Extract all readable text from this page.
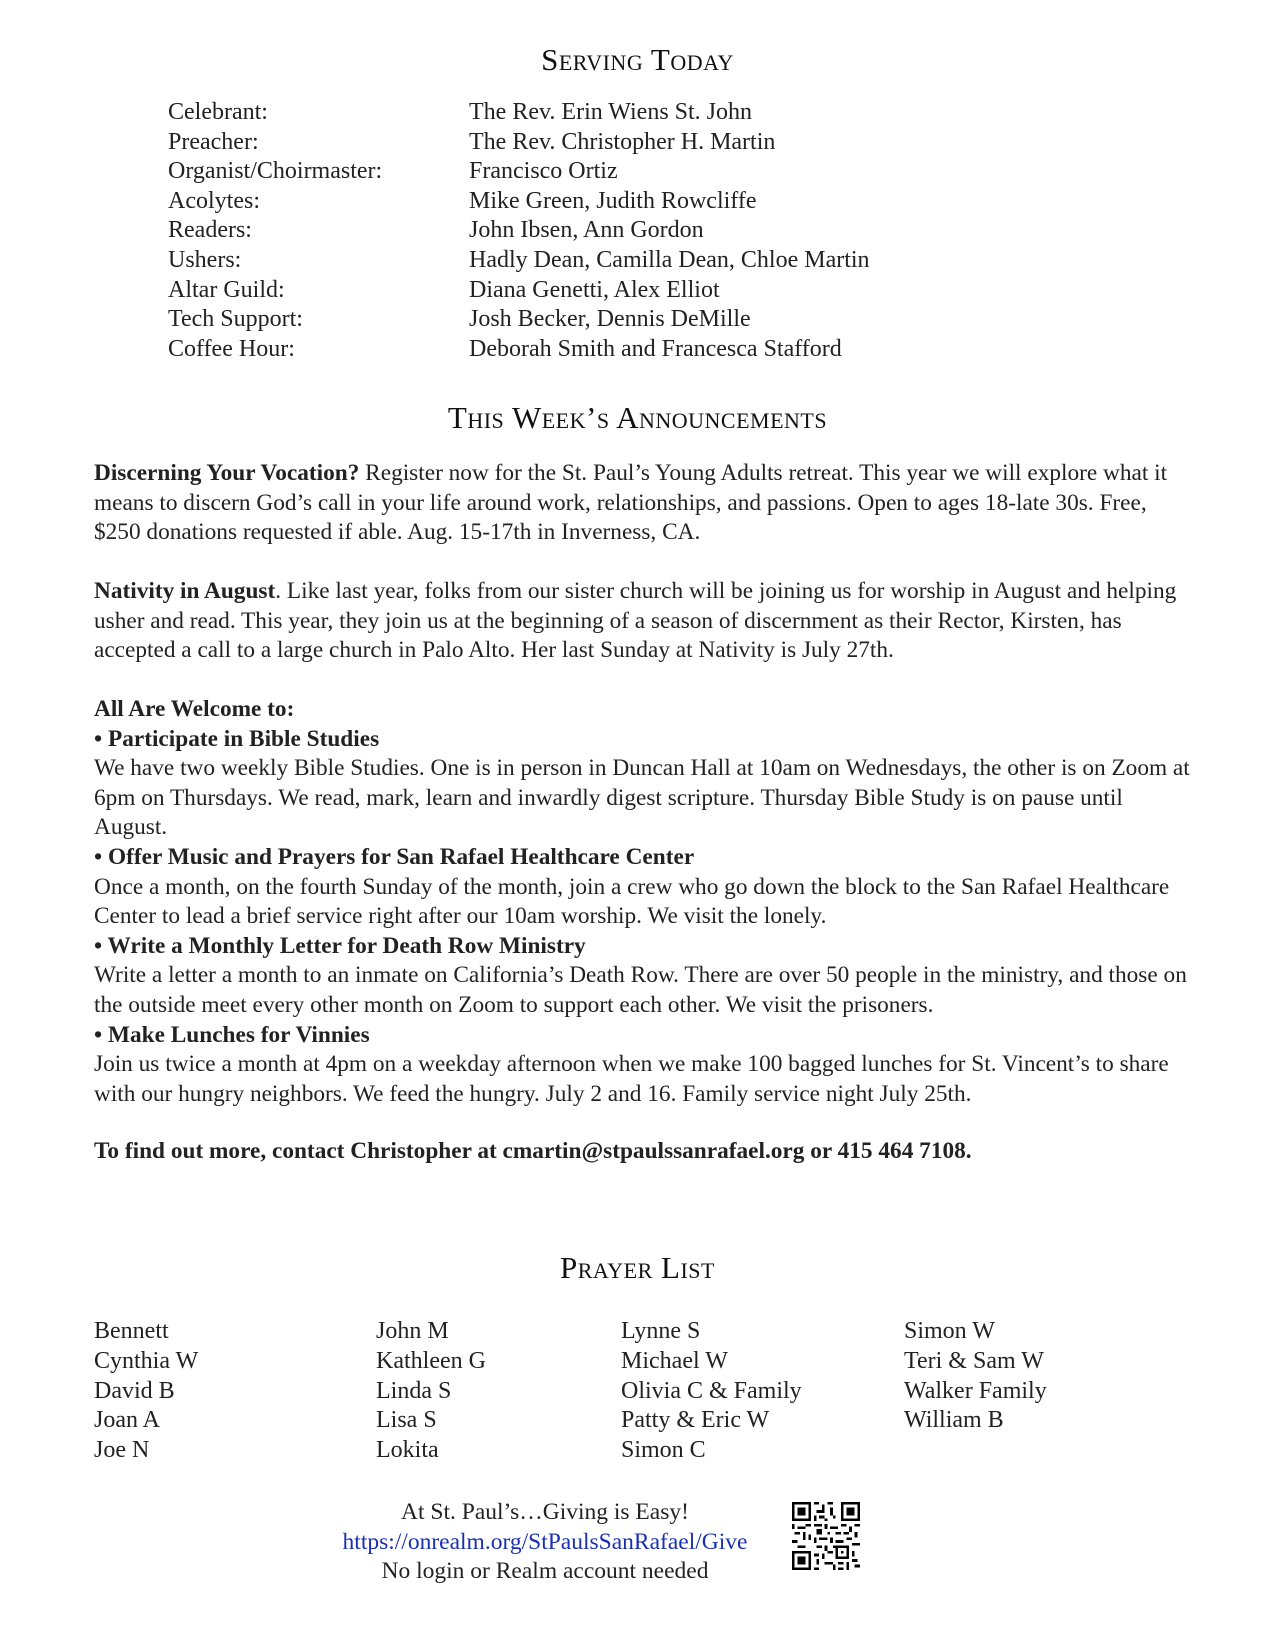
Serving Today
Celebrant:	The Rev. Erin Wiens St. John
Preacher:	The Rev. Christopher H. Martin
Organist/Choirmaster:	Francisco Ortiz
Acolytes:	Mike Green, Judith Rowcliffe
Readers:	John Ibsen, Ann Gordon
Ushers:	Hadly Dean, Camilla Dean, Chloe Martin
Altar Guild:	Diana Genetti, Alex Elliot
Tech Support:	Josh Becker, Dennis DeMille
Coffee Hour:	Deborah Smith and Francesca Stafford
This Week’s Announcements

Discerning Your Vocation? Register now for the St. Paul’s Young Adults retreat. This year we will explore what it means to discern God’s call in your life around work, relationships, and passions. Open to ages 18-late 30s. Free, $250 donations requested if able. Aug. 15-17th in Inverness, CA.

Nativity in August. Like last year, folks from our sister church will be joining us for worship in August and helping usher and read. This year, they join us at the beginning of a season of discernment as their Rector, Kirsten, has accepted a call to a large church in Palo Alto. Her last Sunday at Nativity is July 27th.

All Are Welcome to:

• Participate in Bible Studies

We have two weekly Bible Studies. One is in person in Duncan Hall at 10am on Wednesdays, the other is on Zoom at 6pm on Thursdays. We read, mark, learn and inwardly digest scripture. Thursday Bible Study is on pause until August.

• Offer Music and Prayers for San Rafael Healthcare Center

Once a month, on the fourth Sunday of the month, join a crew who go down the block to the San Rafael Healthcare Center to lead a brief service right after our 10am worship. We visit the lonely.

• Write a Monthly Letter for Death Row Ministry

Write a letter a month to an inmate on California’s Death Row. There are over 50 people in the ministry, and those on the outside meet every other month on Zoom to support each other. We visit the prisoners.

• Make Lunches for Vinnies

Join us twice a month at 4pm on a weekday afternoon when we make 100 bagged lunches for St. Vincent’s to share with our hungry neighbors. We feed the hungry. July 2 and 16. Family service night July 25th.

To find out more, contact Christopher at cmartin@stpaulssanrafael.org or 415 464 7108.
Prayer List
Bennett
Cynthia W
David B
Joan A
Joe N
John M
Kathleen G
Linda S
Lisa S
Lokita
Lynne S
Michael W
Olivia C & Family
Patty & Eric W
Simon C
Simon W
Teri & Sam W
Walker Family
William B
At St. Paul’s…Giving is Easy!
https://onrealm.org/StPaulsSanRafael/Give
No login or Realm account needed
